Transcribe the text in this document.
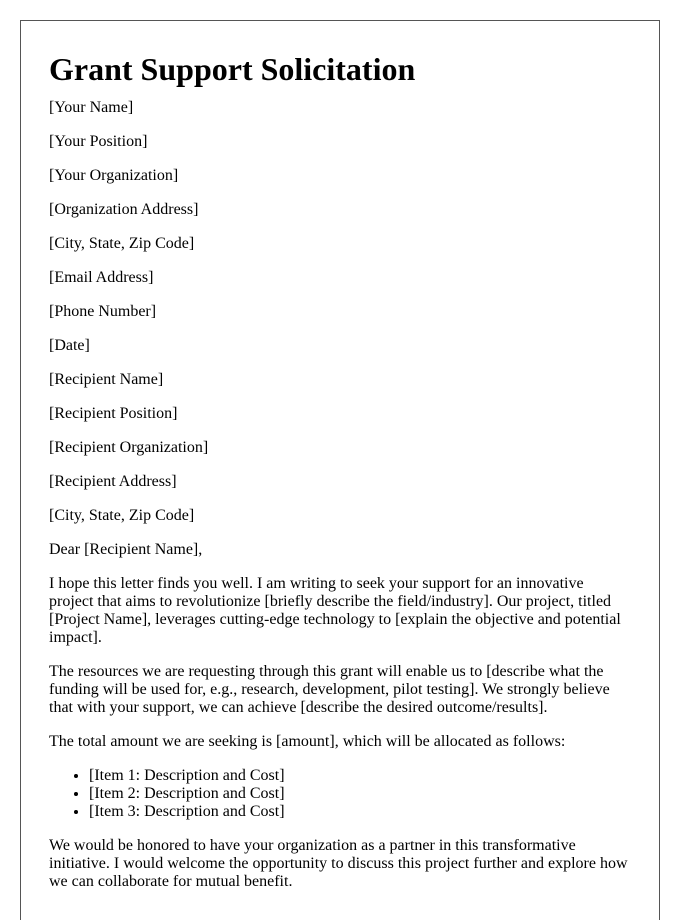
Grant Support Solicitation

[Your Name]

[Your Position]

[Your Organization]

[Organization Address]

[City, State, Zip Code]

[Email Address]

[Phone Number]

[Date]

[Recipient Name]

[Recipient Position]

[Recipient Organization]

[Recipient Address]

[City, State, Zip Code]

Dear [Recipient Name],

I hope this letter finds you well. I am writing to seek your support for an innovative project that aims to revolutionize [briefly describe the field/industry]. Our project, titled [Project Name], leverages cutting-edge technology to [explain the objective and potential impact].

The resources we are requesting through this grant will enable us to [describe what the funding will be used for, e.g., research, development, pilot testing]. We strongly believe that with your support, we can achieve [describe the desired outcome/results].

The total amount we are seeking is [amount], which will be allocated as follows:

• [Item 1: Description and Cost]
• [Item 2: Description and Cost]
• [Item 3: Description and Cost]

We would be honored to have your organization as a partner in this transformative initiative. I would welcome the opportunity to discuss this project further and explore how we can collaborate for mutual benefit.
